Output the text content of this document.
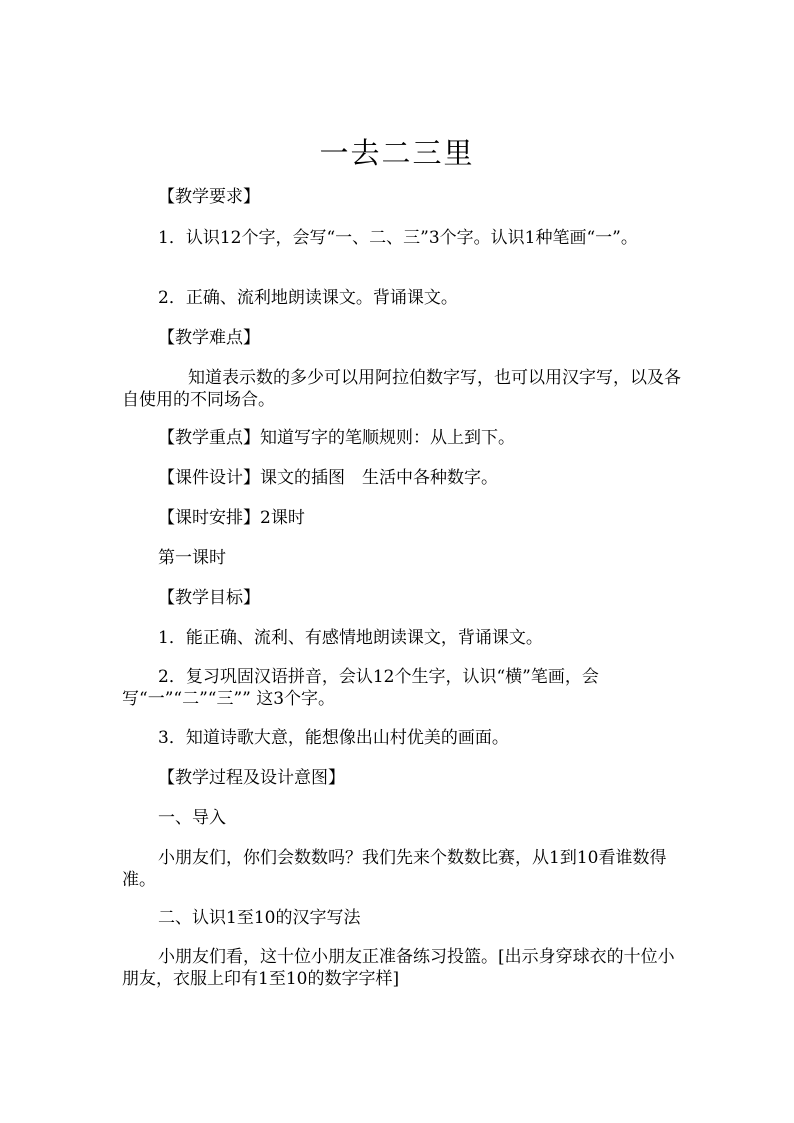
一去二三里
【教学要求】
1．认识12个字，会写“一、二、三”3个字。认识1种笔画“一”。
2．正确、流利地朗读课文。背诵课文。
【教学难点】
知道表示数的多少可以用阿拉伯数字写，也可以用汉字写，以及各自使用的不同场合。
【教学重点】知道写字的笔顺规则：从上到下。
【课件设计】课文的插图　生活中各种数字。
【课时安排】2课时
第一课时
【教学目标】
1．能正确、流利、有感情地朗读课文，背诵课文。
2．复习巩固汉语拼音，会认12个生字，认识“横”笔画，会写“一”“二”“三”” 这3个字。
3．知道诗歌大意，能想像出山村优美的画面。
【教学过程及设计意图】
一、导入
小朋友们，你们会数数吗？我们先来个数数比赛，从1到10看谁数得准。
二、认识1至10的汉字写法
小朋友们看，这十位小朋友正准备练习投篮。[出示身穿球衣的十位小朋友，衣服上印有1至10的数字字样]
